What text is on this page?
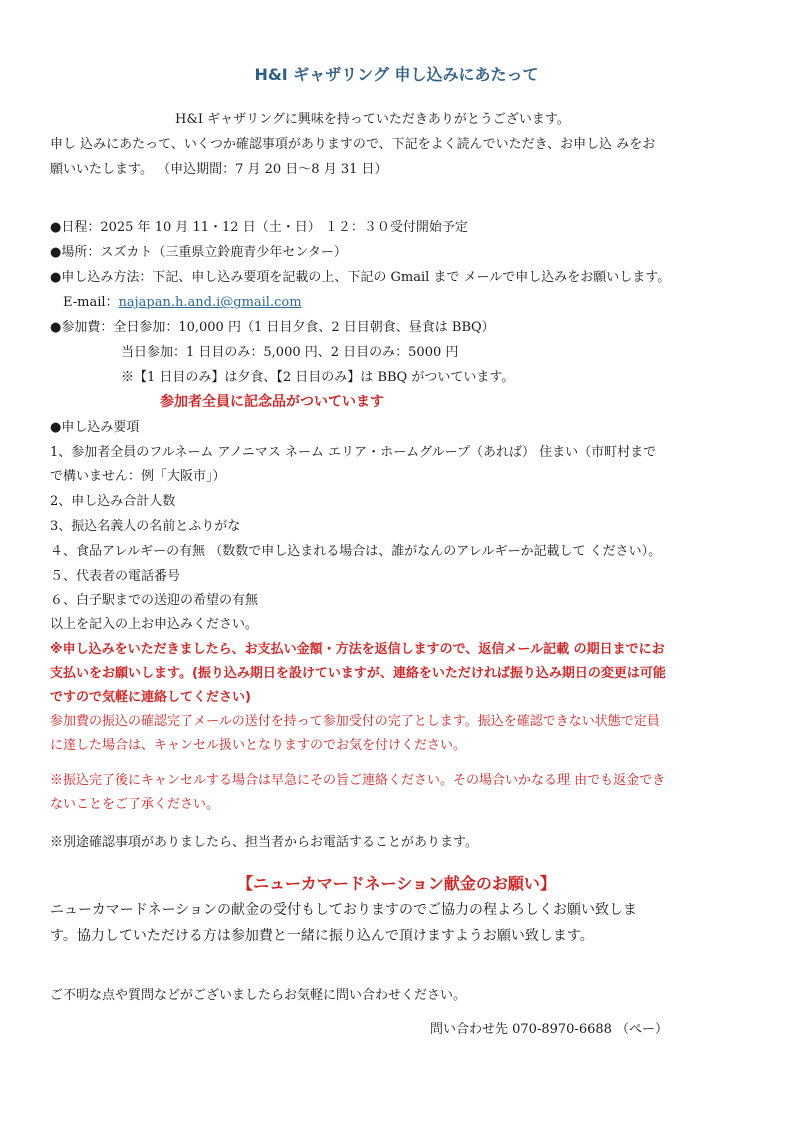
H&I ギャザリング 申し込みにあたって
H&I ギャザリングに興味を持っていただきありがとうございます。
申し 込みにあたって、いくつか確認事項がありますので、下記をよく読んでいただき、お申し込 みをお
願いいたします。 （申込期間：7 月 20 日〜8 月 31 日）
●日程：2025 年 10 月 11・12 日（土・日） １２：３０受付開始予定
●場所：スズカト（三重県立鈴鹿青少年センター）
●申し込み方法：下記、申し込み要項を記載の上、下記の Gmail まで メールで申し込みをお願いします。
E-mail：najapan.h.and.i@gmail.com
●参加費：全日参加：10,000 円（1 日目夕食、2 日目朝食、昼食は BBQ）
当日参加：1 日目のみ：5,000 円、2 日目のみ：5000 円
※【1 日目のみ】は夕食、【2 日目のみ】は BBQ がついています。
参加者全員に記念品がついています
●申し込み要項
1、参加者全員のフルネーム アノニマス ネーム エリア・ホームグループ（あれば） 住まい（市町村まで
で構いません：例「大阪市」）
2、申し込み合計人数
3、振込名義人の名前とふりがな
４、食品アレルギーの有無 （数数で申し込まれる場合は、誰がなんのアレルギーか記載して ください）。
５、代表者の電話番号
６、白子駅までの送迎の希望の有無
以上を記入の上お申込みください。
※申し込みをいただきましたら、お支払い金額・方法を返信しますので、返信メール記載 の期日までにお
支払いをお願いします。(振り込み期日を設けていますが、連絡をいただければ振り込み期日の変更は可能
ですので気軽に連絡してください)
参加費の振込の確認完了メールの送付を持って参加受付の完了とします。振込を確認できない状態で定員
に達した場合は、キャンセル扱いとなりますのでお気を付けください。
※振込完了後にキャンセルする場合は早急にその旨ご連絡ください。その場合いかなる理 由でも返金でき
ないことをご了承ください。
※別途確認事項がありましたら、担当者からお電話することがあります。
【ニューカマードネーション献金のお願い】
ニューカマードネーションの献金の受付もしておりますのでご協力の程よろしくお願い致しま
す。協力していただける方は参加費と一緒に振り込んで頂けますようお願い致します。
ご不明な点や質問などがございましたらお気軽に問い合わせください。
問い合わせ先 070-8970-6688 （ぺー）
